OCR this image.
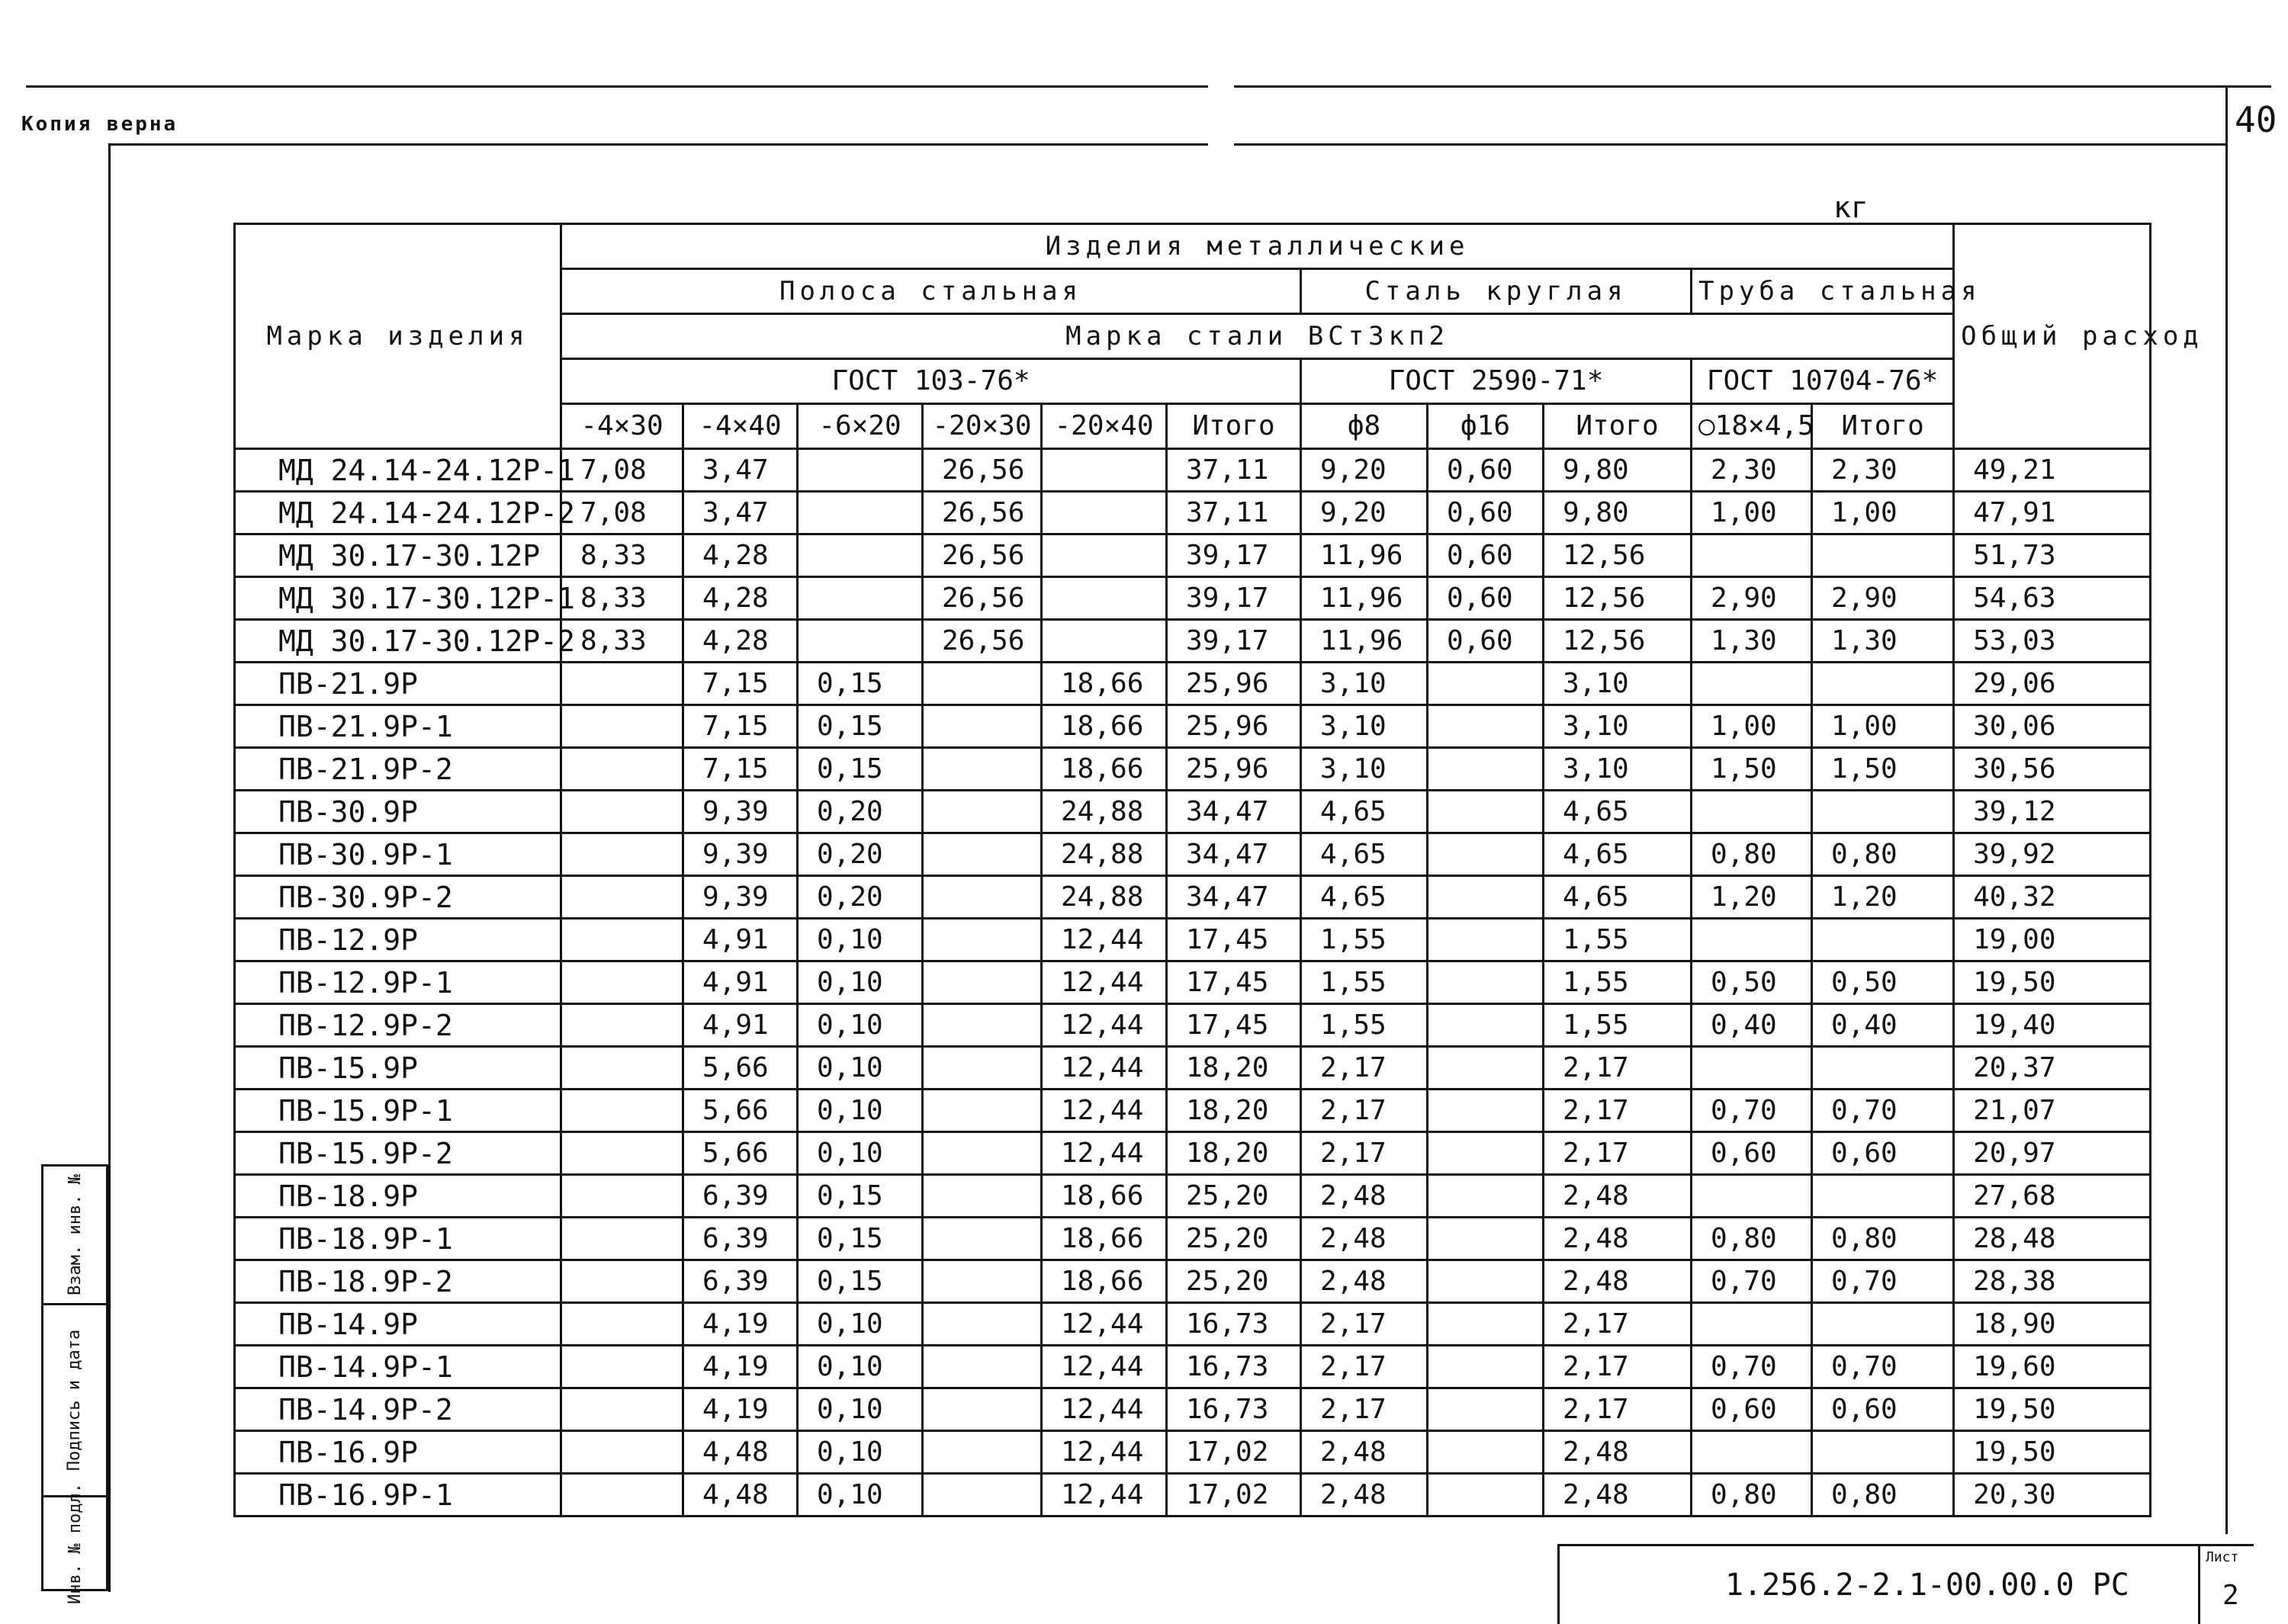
Копия верна	40
кг
Марка изделия	Изделия металлические											Общий расход
	Полоса стальная						Сталь круглая			Труба стальная		
	Марка стали ВСт3кп2											
	ГОСТ 103-76*						ГОСТ 2590-71*			ГОСТ 10704-76*		
	-4×30	-4×40	-6×20	-20×30	-20×40	Итого	ф8	ф16	Итого	○18×4,5	Итого	
МД 24.14-24.12Р-1	7,08	3,47		26,56		37,11	9,20	0,60	9,80	2,30	2,30	49,21
МД 24.14-24.12Р-2	7,08	3,47		26,56		37,11	9,20	0,60	9,80	1,00	1,00	47,91
МД 30.17-30.12Р	8,33	4,28		26,56		39,17	11,96	0,60	12,56			51,73
МД 30.17-30.12Р-1	8,33	4,28		26,56		39,17	11,96	0,60	12,56	2,90	2,90	54,63
МД 30.17-30.12Р-2	8,33	4,28		26,56		39,17	11,96	0,60	12,56	1,30	1,30	53,03
ПВ-21.9Р		7,15	0,15		18,66	25,96	3,10		3,10			29,06
ПВ-21.9Р-1		7,15	0,15		18,66	25,96	3,10		3,10	1,00	1,00	30,06
ПВ-21.9Р-2		7,15	0,15		18,66	25,96	3,10		3,10	1,50	1,50	30,56
ПВ-30.9Р		9,39	0,20		24,88	34,47	4,65		4,65			39,12
ПВ-30.9Р-1		9,39	0,20		24,88	34,47	4,65		4,65	0,80	0,80	39,92
ПВ-30.9Р-2		9,39	0,20		24,88	34,47	4,65		4,65	1,20	1,20	40,32
ПВ-12.9Р		4,91	0,10		12,44	17,45	1,55		1,55			19,00
ПВ-12.9Р-1		4,91	0,10		12,44	17,45	1,55		1,55	0,50	0,50	19,50
ПВ-12.9Р-2		4,91	0,10		12,44	17,45	1,55		1,55	0,40	0,40	19,40
ПВ-15.9Р		5,66	0,10		12,44	18,20	2,17		2,17			20,37
ПВ-15.9Р-1		5,66	0,10		12,44	18,20	2,17		2,17	0,70	0,70	21,07
ПВ-15.9Р-2		5,66	0,10		12,44	18,20	2,17		2,17	0,60	0,60	20,97
ПВ-18.9Р		6,39	0,15		18,66	25,20	2,48		2,48			27,68
ПВ-18.9Р-1		6,39	0,15		18,66	25,20	2,48		2,48	0,80	0,80	28,48
ПВ-18.9Р-2		6,39	0,15		18,66	25,20	2,48		2,48	0,70	0,70	28,38
ПВ-14.9Р		4,19	0,10		12,44	16,73	2,17		2,17			18,90
ПВ-14.9Р-1		4,19	0,10		12,44	16,73	2,17		2,17	0,70	0,70	19,60
ПВ-14.9Р-2		4,19	0,10		12,44	16,73	2,17		2,17	0,60	0,60	19,50
ПВ-16.9Р		4,48	0,10		12,44	17,02	2,48		2,48			19,50
ПВ-16.9Р-1		4,48	0,10		12,44	17,02	2,48		2,48	0,80	0,80	20,30
1.256.2-2.1-00.00.0 РС
Лист
2
Взам. инв. №
Подпись и дата
Инв. № подл.
